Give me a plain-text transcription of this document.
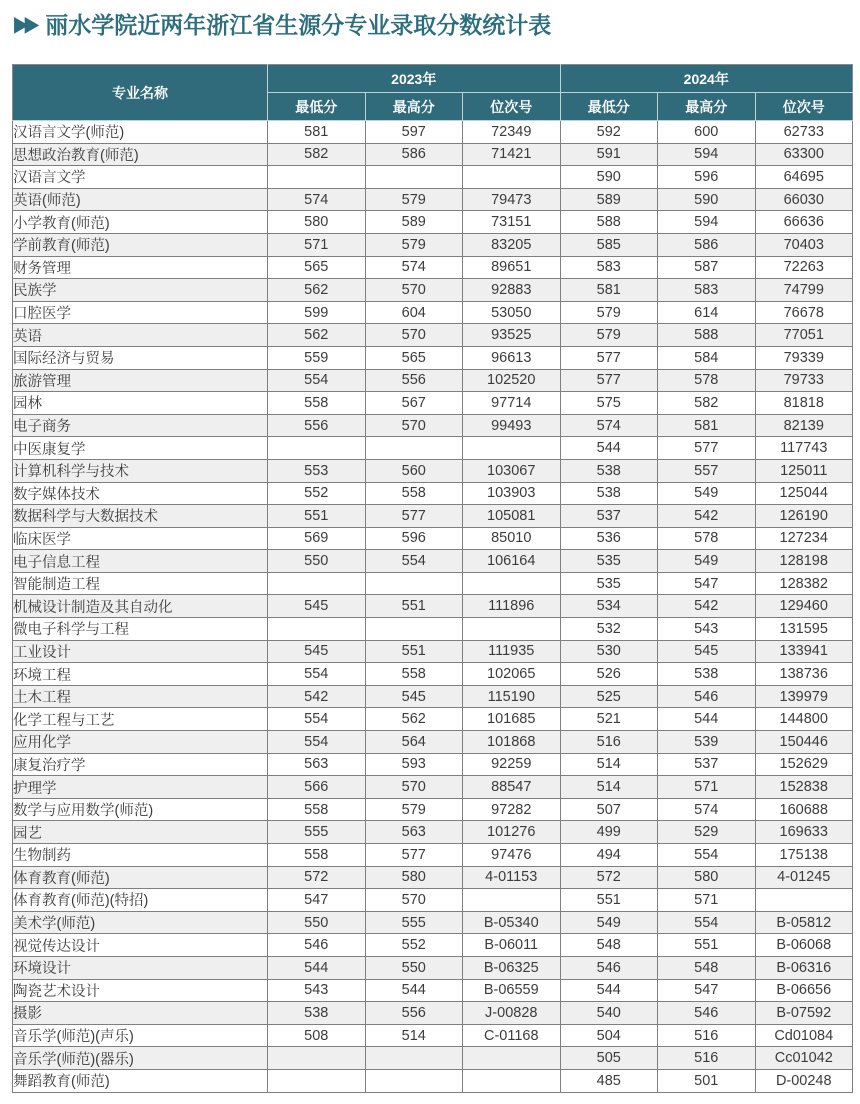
▶▶ 丽水学院近两年浙江省生源分专业录取分数统计表
专业名称	2023年			2024年		
	最低分	最高分	位次号	最低分	最高分	位次号
汉语言文学(师范)	581	597	72349	592	600	62733
思想政治教育(师范)	582	586	71421	591	594	63300
汉语言文学				590	596	64695
英语(师范)	574	579	79473	589	590	66030
小学教育(师范)	580	589	73151	588	594	66636
学前教育(师范)	571	579	83205	585	586	70403
财务管理	565	574	89651	583	587	72263
民族学	562	570	92883	581	583	74799
口腔医学	599	604	53050	579	614	76678
英语	562	570	93525	579	588	77051
国际经济与贸易	559	565	96613	577	584	79339
旅游管理	554	556	102520	577	578	79733
园林	558	567	97714	575	582	81818
电子商务	556	570	99493	574	581	82139
中医康复学				544	577	117743
计算机科学与技术	553	560	103067	538	557	125011
数字媒体技术	552	558	103903	538	549	125044
数据科学与大数据技术	551	577	105081	537	542	126190
临床医学	569	596	85010	536	578	127234
电子信息工程	550	554	106164	535	549	128198
智能制造工程				535	547	128382
机械设计制造及其自动化	545	551	111896	534	542	129460
微电子科学与工程				532	543	131595
工业设计	545	551	111935	530	545	133941
环境工程	554	558	102065	526	538	138736
土木工程	542	545	115190	525	546	139979
化学工程与工艺	554	562	101685	521	544	144800
应用化学	554	564	101868	516	539	150446
康复治疗学	563	593	92259	514	537	152629
护理学	566	570	88547	514	571	152838
数学与应用数学(师范)	558	579	97282	507	574	160688
园艺	555	563	101276	499	529	169633
生物制药	558	577	97476	494	554	175138
体育教育(师范)	572	580	4-01153	572	580	4-01245
体育教育(师范)(特招)	547	570		551	571	
美术学(师范)	550	555	B-05340	549	554	B-05812
视觉传达设计	546	552	B-06011	548	551	B-06068
环境设计	544	550	B-06325	546	548	B-06316
陶瓷艺术设计	543	544	B-06559	544	547	B-06656
摄影	538	556	J-00828	540	546	B-07592
音乐学(师范)(声乐)	508	514	C-01168	504	516	Cd01084
音乐学(师范)(器乐)				505	516	Cc01042
舞蹈教育(师范)				485	501	D-00248
